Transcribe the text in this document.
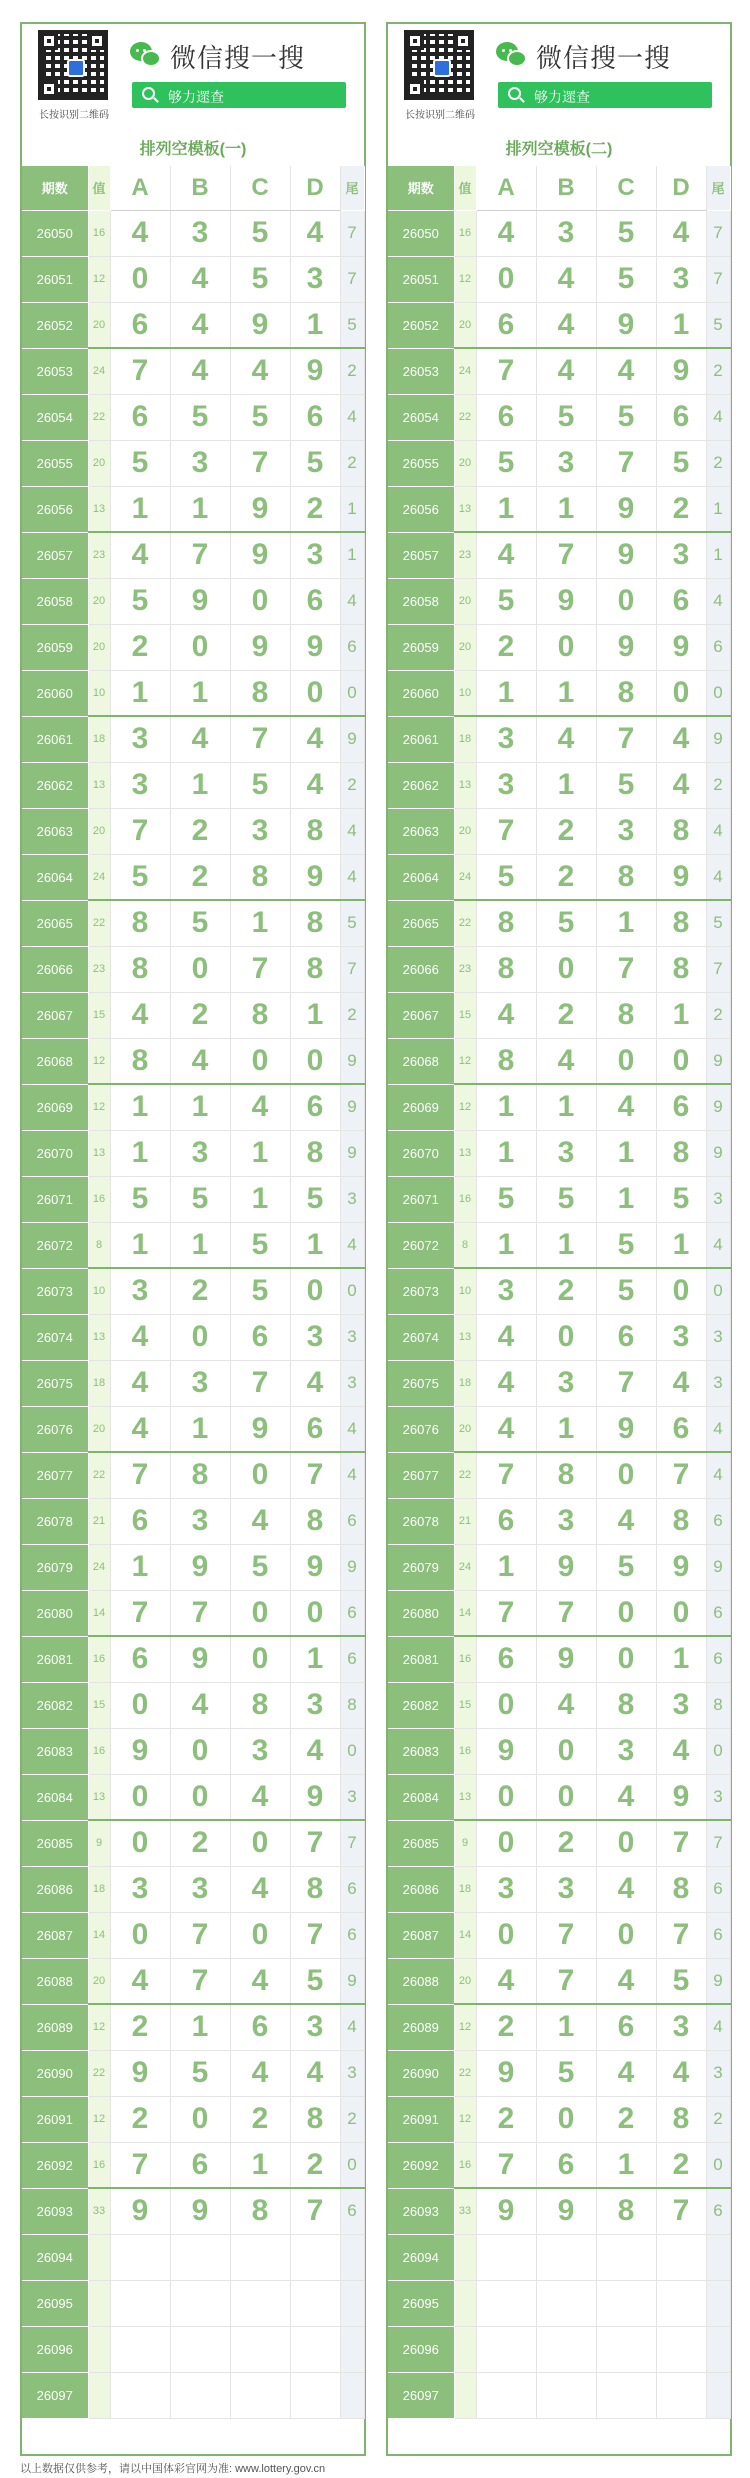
长按识别二维码
微信搜一搜
够力遝查
排列空模板(一)
期数	值	A	B	C	D	尾
26050	16	4	3	5	4	7
26051	12	0	4	5	3	7
26052	20	6	4	9	1	5
26053	24	7	4	4	9	2
26054	22	6	5	5	6	4
26055	20	5	3	7	5	2
26056	13	1	1	9	2	1
26057	23	4	7	9	3	1
26058	20	5	9	0	6	4
26059	20	2	0	9	9	6
26060	10	1	1	8	0	0
26061	18	3	4	7	4	9
26062	13	3	1	5	4	2
26063	20	7	2	3	8	4
26064	24	5	2	8	9	4
26065	22	8	5	1	8	5
26066	23	8	0	7	8	7
26067	15	4	2	8	1	2
26068	12	8	4	0	0	9
26069	12	1	1	4	6	9
26070	13	1	3	1	8	9
26071	16	5	5	1	5	3
26072	8	1	1	5	1	4
26073	10	3	2	5	0	0
26074	13	4	0	6	3	3
26075	18	4	3	7	4	3
26076	20	4	1	9	6	4
26077	22	7	8	0	7	4
26078	21	6	3	4	8	6
26079	24	1	9	5	9	9
26080	14	7	7	0	0	6
26081	16	6	9	0	1	6
26082	15	0	4	8	3	8
26083	16	9	0	3	4	0
26084	13	0	0	4	9	3
26085	9	0	2	0	7	7
26086	18	3	3	4	8	6
26087	14	0	7	0	7	6
26088	20	4	7	4	5	9
26089	12	2	1	6	3	4
26090	22	9	5	4	4	3
26091	12	2	0	2	8	2
26092	16	7	6	1	2	0
26093	33	9	9	8	7	6
26094						
26095						
26096						
26097						
长按识别二维码
微信搜一搜
够力遝查
排列空模板(二)
期数	值	A	B	C	D	尾
26050	16	4	3	5	4	7
26051	12	0	4	5	3	7
26052	20	6	4	9	1	5
26053	24	7	4	4	9	2
26054	22	6	5	5	6	4
26055	20	5	3	7	5	2
26056	13	1	1	9	2	1
26057	23	4	7	9	3	1
26058	20	5	9	0	6	4
26059	20	2	0	9	9	6
26060	10	1	1	8	0	0
26061	18	3	4	7	4	9
26062	13	3	1	5	4	2
26063	20	7	2	3	8	4
26064	24	5	2	8	9	4
26065	22	8	5	1	8	5
26066	23	8	0	7	8	7
26067	15	4	2	8	1	2
26068	12	8	4	0	0	9
26069	12	1	1	4	6	9
26070	13	1	3	1	8	9
26071	16	5	5	1	5	3
26072	8	1	1	5	1	4
26073	10	3	2	5	0	0
26074	13	4	0	6	3	3
26075	18	4	3	7	4	3
26076	20	4	1	9	6	4
26077	22	7	8	0	7	4
26078	21	6	3	4	8	6
26079	24	1	9	5	9	9
26080	14	7	7	0	0	6
26081	16	6	9	0	1	6
26082	15	0	4	8	3	8
26083	16	9	0	3	4	0
26084	13	0	0	4	9	3
26085	9	0	2	0	7	7
26086	18	3	3	4	8	6
26087	14	0	7	0	7	6
26088	20	4	7	4	5	9
26089	12	2	1	6	3	4
26090	22	9	5	4	4	3
26091	12	2	0	2	8	2
26092	16	7	6	1	2	0
26093	33	9	9	8	7	6
26094						
26095						
26096						
26097						
以上数据仅供参考，请以中国体彩官网为准: www.lottery.gov.cn
